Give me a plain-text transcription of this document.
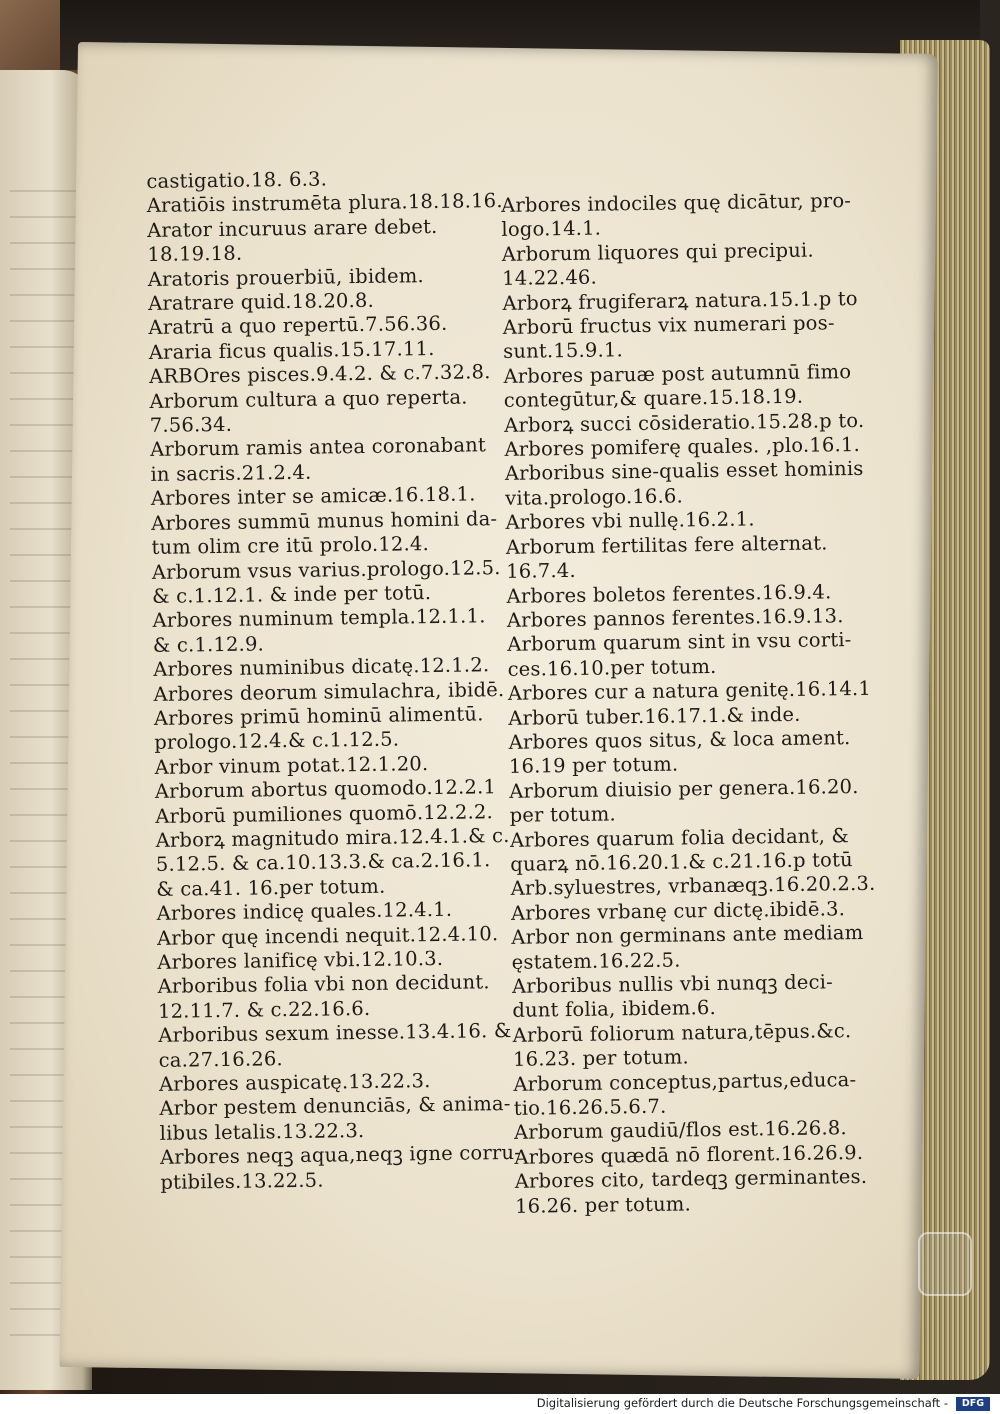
castigatio.18. 6.3.

Aratiōis instrumēta plura.18.18.16.

Arator incuruus arare debet.

18.19.18.

Aratoris prouerbiū, ibidem.

Aratrare quid.18.20.8.

Aratrū a quo repertū.7.56.36.

Araria ficus qualis.15.17.11.

ARBOres pisces.9.4.2. & c.7.32.8.

Arborum cultura a quo reperta.

7.56.34.

Arborum ramis antea coronabant

in sacris.21.2.4.

Arbores inter se amicæ.16.18.1.

Arbores summū munus homini da-

tum olim cre itū prolo.12.4.

Arborum vsus varius.prologo.12.5.

& c.1.12.1. & inde per totū.

Arbores numinum templa.12.1.1.

& c.1.12.9.

Arbores numinibus dicatę.12.1.2.

Arbores deorum simulachra, ibidē.

Arbores primū hominū alimentū.

prologo.12.4.& c.1.12.5.

Arbor vinum potat.12.1.20.

Arborum abortus quomodo.12.2.1

Arborū pumiliones quomō.12.2.2.

Arborꝝ magnitudo mira.12.4.1.& c.

5.12.5. & ca.10.13.3.& ca.2.16.1.

& ca.41. 16.per totum.

Arbores indicę quales.12.4.1.

Arbor quę incendi nequit.12.4.10.

Arbores lanificę vbi.12.10.3.

Arboribus folia vbi non decidunt.

12.11.7. & c.22.16.6.

Arboribus sexum inesse.13.4.16. &

ca.27.16.26.

Arbores auspicatę.13.22.3.

Arbor pestem denunciās, & anima-

libus letalis.13.22.3.

Arbores neqꝫ aqua,neqꝫ igne corru-

ptibiles.13.22.5.

Arbores indociles quę dicātur, pro-

logo.14.1.

Arborum liquores qui precipui.

14.22.46.

Arborꝝ frugiferarꝝ natura.15.1.p to

Arborū fructus vix numerari pos-

sunt.15.9.1.

Arbores paruæ post autumnū fimo

contegūtur,& quare.15.18.19.

Arborꝝ succi cōsideratio.15.28.p to.

Arbores pomiferę quales. ,plo.16.1.

Arboribus sine-qualis esset hominis

vita.prologo.16.6.

Arbores vbi nullę.16.2.1.

Arborum fertilitas fere alternat.

16.7.4.

Arbores boletos ferentes.16.9.4.

Arbores pannos ferentes.16.9.13.

Arborum quarum sint in vsu corti-

ces.16.10.per totum.

Arbores cur a natura genitę.16.14.1

Arborū tuber.16.17.1.& inde.

Arbores quos situs, & loca ament.

16.19 per totum.

Arborum diuisio per genera.16.20.

per totum.

Arbores quarum folia decidant, &

quarꝝ nō.16.20.1.& c.21.16.p totū

Arb.syluestres, vrbanæqꝫ.16.20.2.3.

Arbores vrbanę cur dictę.ibidē.3.

Arbor non germinans ante mediam

ęstatem.16.22.5.

Arboribus nullis vbi nunqꝫ deci-

dunt folia, ibidem.6.

Arborū foliorum natura,tēpus.&c.

16.23. per totum.

Arborum conceptus,partus,educa-

tio.16.26.5.6.7.

Arborum gaudiū/flos est.16.26.8.

Arbores quædā nō florent.16.26.9.

Arbores cito, tardeqꝫ germinantes.

16.26. per totum.

Digitalisierung gefördert durch die Deutsche Forschungsgemeinschaft -	DFG
